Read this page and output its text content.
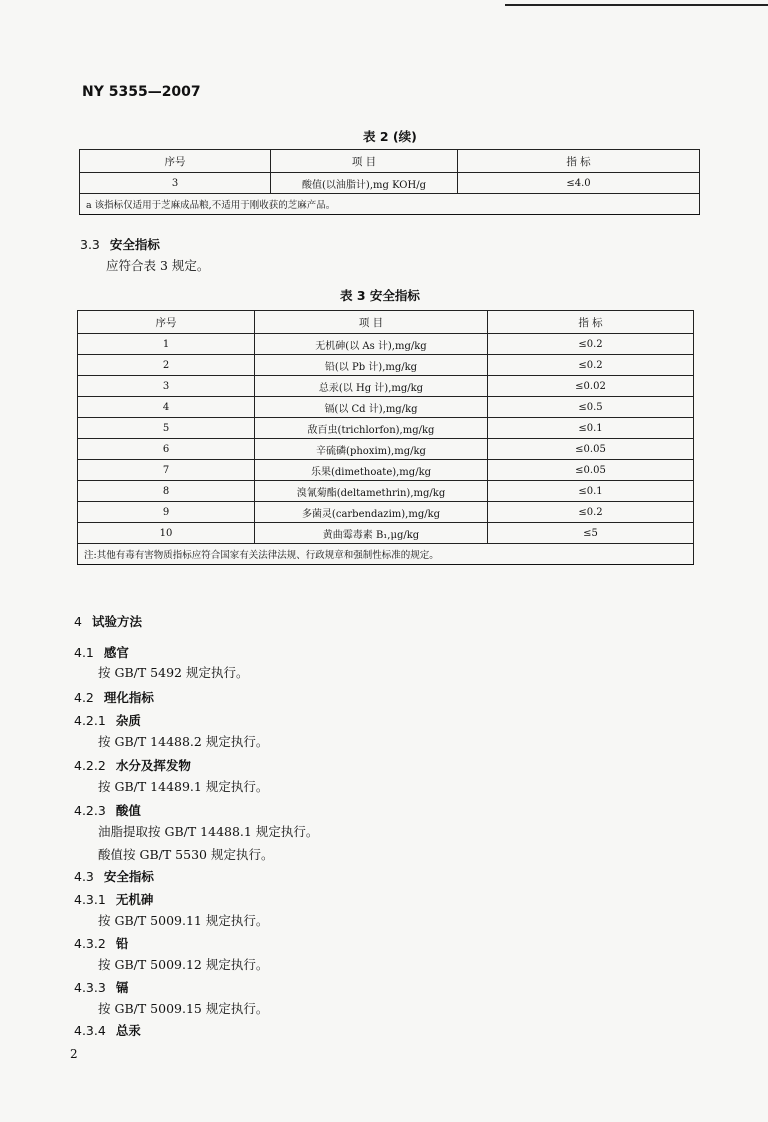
NY 5355—2007
表 2 (续)
序号	项 目	指 标
3	酸值(以油脂计),mg KOH/g	≤4.0
a 该指标仅适用于芝麻成品粮,不适用于刚收获的芝麻产品。		
3.3 安全指标
应符合表 3 规定。
表 3 安全指标
序号	项 目	指 标
1	无机砷(以 As 计),mg/kg	≤0.2
2	铅(以 Pb 计),mg/kg	≤0.2
3	总汞(以 Hg 计),mg/kg	≤0.02
4	镉(以 Cd 计),mg/kg	≤0.5
5	敌百虫(trichlorfon),mg/kg	≤0.1
6	辛硫磷(phoxim),mg/kg	≤0.05
7	乐果(dimethoate),mg/kg	≤0.05
8	溴氰菊酯(deltamethrin),mg/kg	≤0.1
9	多菌灵(carbendazim),mg/kg	≤0.2
10	黄曲霉毒素 B₁,μg/kg	≤5
注:其他有毒有害物质指标应符合国家有关法律法规、行政规章和强制性标准的规定。		
4 试验方法
4.1 感官
按 GB/T 5492 规定执行。
4.2 理化指标
4.2.1 杂质
按 GB/T 14488.2 规定执行。
4.2.2 水分及挥发物
按 GB/T 14489.1 规定执行。
4.2.3 酸值
油脂提取按 GB/T 14488.1 规定执行。
酸值按 GB/T 5530 规定执行。
4.3 安全指标
4.3.1 无机砷
按 GB/T 5009.11 规定执行。
4.3.2 铅
按 GB/T 5009.12 规定执行。
4.3.3 镉
按 GB/T 5009.15 规定执行。
4.3.4 总汞
2
